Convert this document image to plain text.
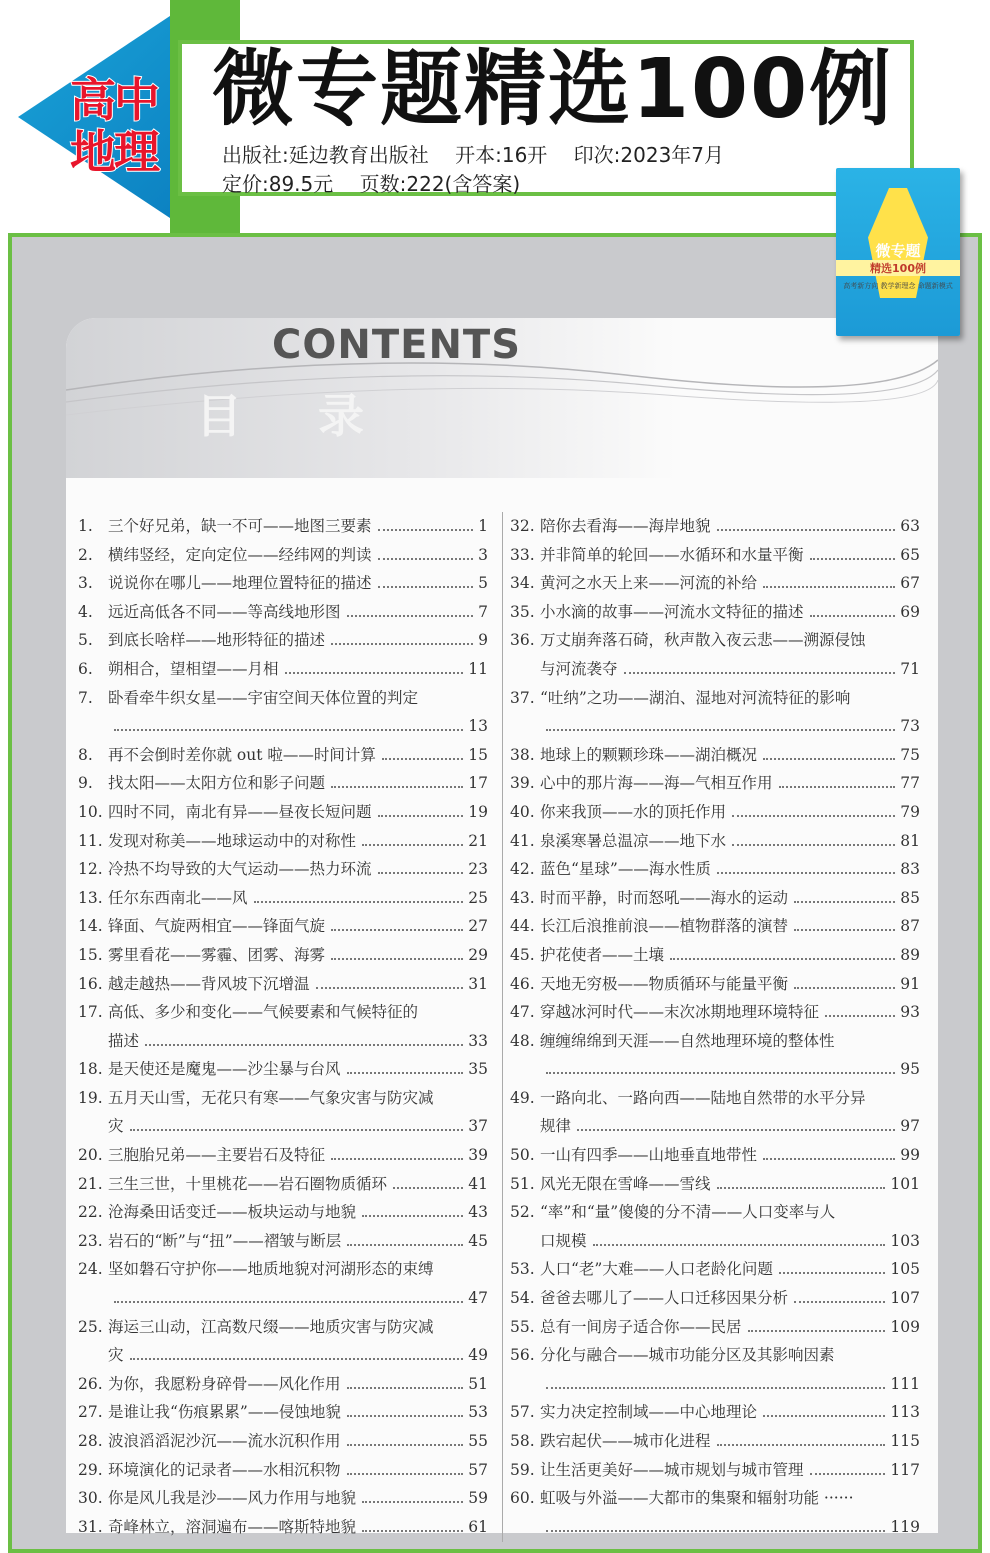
高中
地理
微专题精选100例
出版社:延边教育出版社 开本:16开 印次:2023年7月
定价:89.5元 页数:222(含答案)
CONTENTS
目 录
微专题
精选100例
高考新方向 教学新理念 命题新模式
1. 三个好兄弟，缺一不可——地图三要素	1
2. 横纬竖经，定向定位——经纬网的判读	3
3. 说说你在哪儿——地理位置特征的描述	5
4. 远近高低各不同——等高线地形图	7
5. 到底长啥样——地形特征的描述	9
6. 朔相合，望相望——月相	11
7. 卧看牵牛织女星——宇宙空间天体位置的判定
13
8. 再不会倒时差你就 out 啦——时间计算	15
9. 找太阳——太阳方位和影子问题	17
10. 四时不同，南北有异——昼夜长短问题	19
11. 发现对称美——地球运动中的对称性	21
12. 冷热不均导致的大气运动——热力环流	23
13. 任尔东西南北——风	25
14. 锋面、气旋两相宜——锋面气旋	27
15. 雾里看花——雾霾、团雾、海雾	29
16. 越走越热——背风坡下沉增温	31
17. 高低、多少和变化——气候要素和气候特征的
描述	33
18. 是天使还是魔鬼——沙尘暴与台风	35
19. 五月天山雪，无花只有寒——气象灾害与防灾减
灾	37
20. 三胞胎兄弟——主要岩石及特征	39
21. 三生三世，十里桃花——岩石圈物质循环	41
22. 沧海桑田话变迁——板块运动与地貌	43
23. 岩石的“断”与“扭”——褶皱与断层	45
24. 坚如磐石守护你——地质地貌对河湖形态的束缚
47
25. 海运三山动，江高数尺缀——地质灾害与防灾减
灾	49
26. 为你，我愿粉身碎骨——风化作用	51
27. 是谁让我“伤痕累累”——侵蚀地貌	53
28. 波浪滔滔泥沙沉——流水沉积作用	55
29. 环境演化的记录者——水相沉积物	57
30. 你是风儿我是沙——风力作用与地貌	59
31. 奇峰林立，溶洞遍布——喀斯特地貌	61
32. 陪你去看海——海岸地貌	63
33. 并非简单的轮回——水循环和水量平衡	65
34. 黄河之水天上来——河流的补给	67
35. 小水滴的故事——河流水文特征的描述	69
36. 万丈崩奔落石碕，秋声散入夜云悲——溯源侵蚀
与河流袭夺	71
37. “吐纳”之功——湖泊、湿地对河流特征的影响
73
38. 地球上的颗颗珍珠——湖泊概况	75
39. 心中的那片海——海—气相互作用	77
40. 你来我顶——水的顶托作用	79
41. 泉溪寒暑总温凉——地下水	81
42. 蓝色“星球”——海水性质	83
43. 时而平静，时而怒吼——海水的运动	85
44. 长江后浪推前浪——植物群落的演替	87
45. 护花使者——土壤	89
46. 天地无穷极——物质循环与能量平衡	91
47. 穿越冰河时代——末次冰期地理环境特征	93
48. 缠缠绵绵到天涯——自然地理环境的整体性
95
49. 一路向北、一路向西——陆地自然带的水平分异
规律	97
50. 一山有四季——山地垂直地带性	99
51. 风光无限在雪峰——雪线	101
52. “率”和“量”傻傻的分不清——人口变率与人
口规模	103
53. 人口“老”大难——人口老龄化问题	105
54. 爸爸去哪儿了——人口迁移因果分析	107
55. 总有一间房子适合你——民居	109
56. 分化与融合——城市功能分区及其影响因素
111
57. 实力决定控制域——中心地理论	113
58. 跌宕起伏——城市化进程	115
59. 让生活更美好——城市规划与城市管理	117
60. 虹吸与外溢——大都市的集聚和辐射功能 ······
119
